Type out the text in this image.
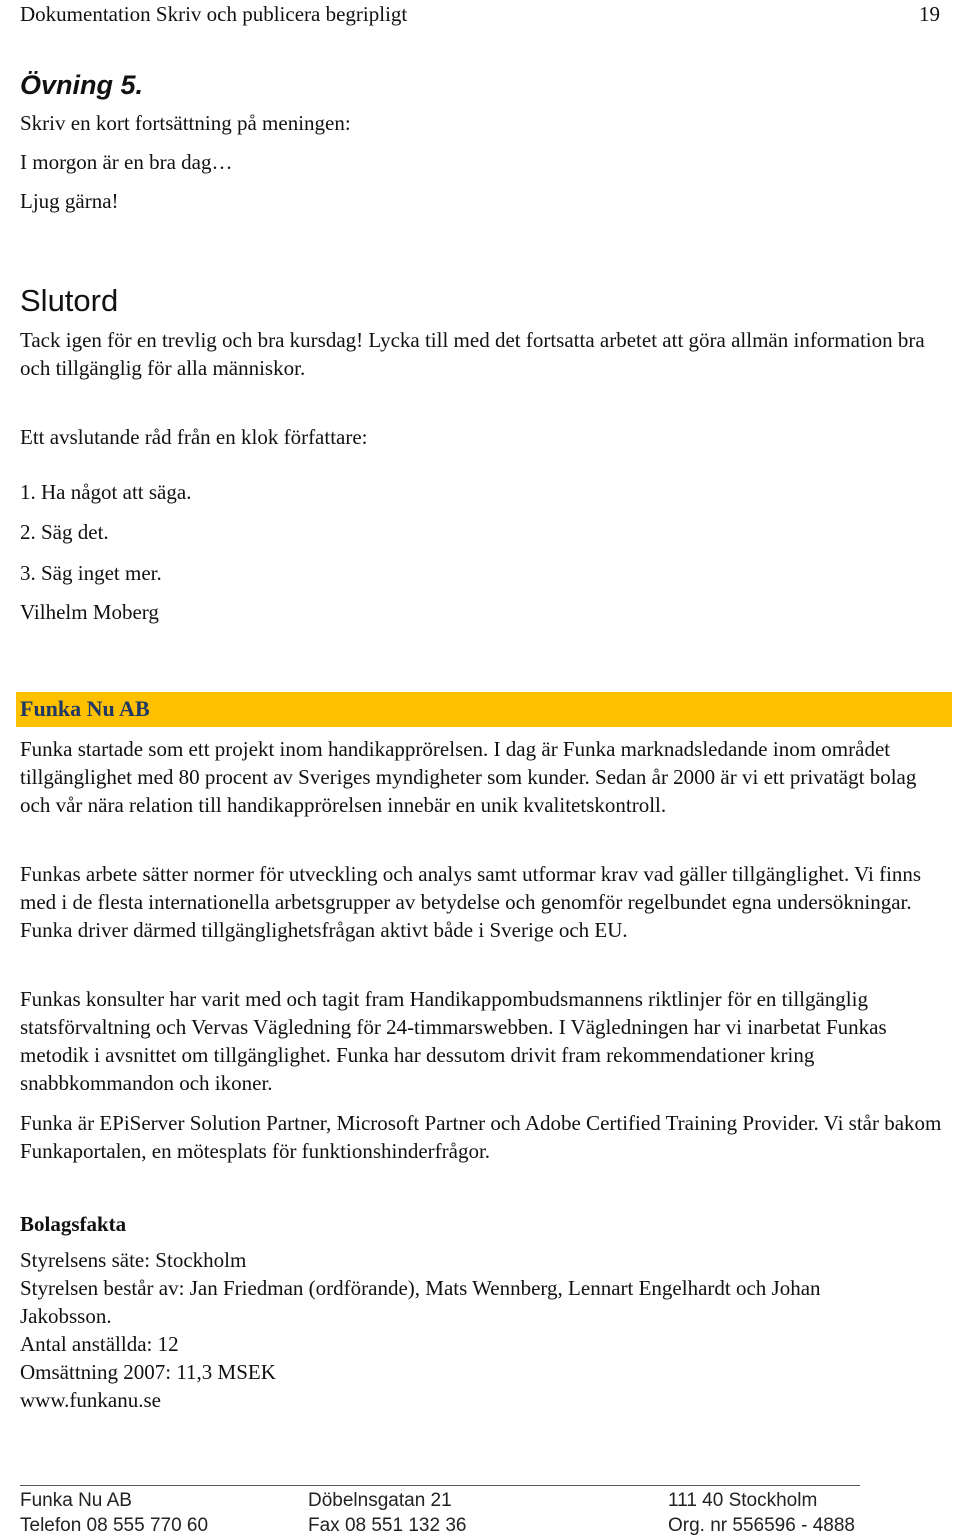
Dokumentation Skriv och publicera begripligt	19
Övning 5.
Skriv en kort fortsättning på meningen:
I morgon är en bra dag…
Ljug gärna!
Slutord
Tack igen för en trevlig och bra kursdag! Lycka till med det fortsatta arbetet att göra allmän information bra och tillgänglig för alla människor.
Ett avslutande råd från en klok författare:
1. Ha något att säga.
2. Säg det.
3. Säg inget mer.
Vilhelm Moberg
Funka Nu AB
Funka startade som ett projekt inom handikapprörelsen. I dag är Funka marknadsledande inom området tillgänglighet med 80 procent av Sveriges myndigheter som kunder. Sedan år 2000 är vi ett privatägt bolag och vår nära relation till handikapprörelsen innebär en unik kvalitetskontroll.
Funkas arbete sätter normer för utveckling och analys samt utformar krav vad gäller tillgänglighet. Vi finns med i de flesta internationella arbetsgrupper av betydelse och genomför regelbundet egna undersökningar. Funka driver därmed tillgänglighetsfrågan aktivt både i Sverige och EU.
Funkas konsulter har varit med och tagit fram Handikappombudsmannens riktlinjer för en tillgänglig statsförvaltning och Vervas Vägledning för 24-timmarswebben. I Vägledningen har vi inarbetat Funkas metodik i avsnittet om tillgänglighet. Funka har dessutom drivit fram rekommendationer kring snabbkommandon och ikoner.
Funka är EPiServer Solution Partner, Microsoft Partner och Adobe Certified Training Provider. Vi står bakom Funkaportalen, en mötesplats för funktionshinderfrågor.
Bolagsfakta
Styrelsens säte: Stockholm
Styrelsen består av: Jan Friedman (ordförande), Mats Wennberg, Lennart Engelhardt och Johan Jakobsson.
Antal anställda: 12
Omsättning 2007: 11,3 MSEK
www.funkanu.se
Funka Nu AB	Döbelnsgatan 21	111 40 Stockholm
Telefon 08 555 770 60	Fax 08 551 132 36	Org. nr 556596 - 4888
